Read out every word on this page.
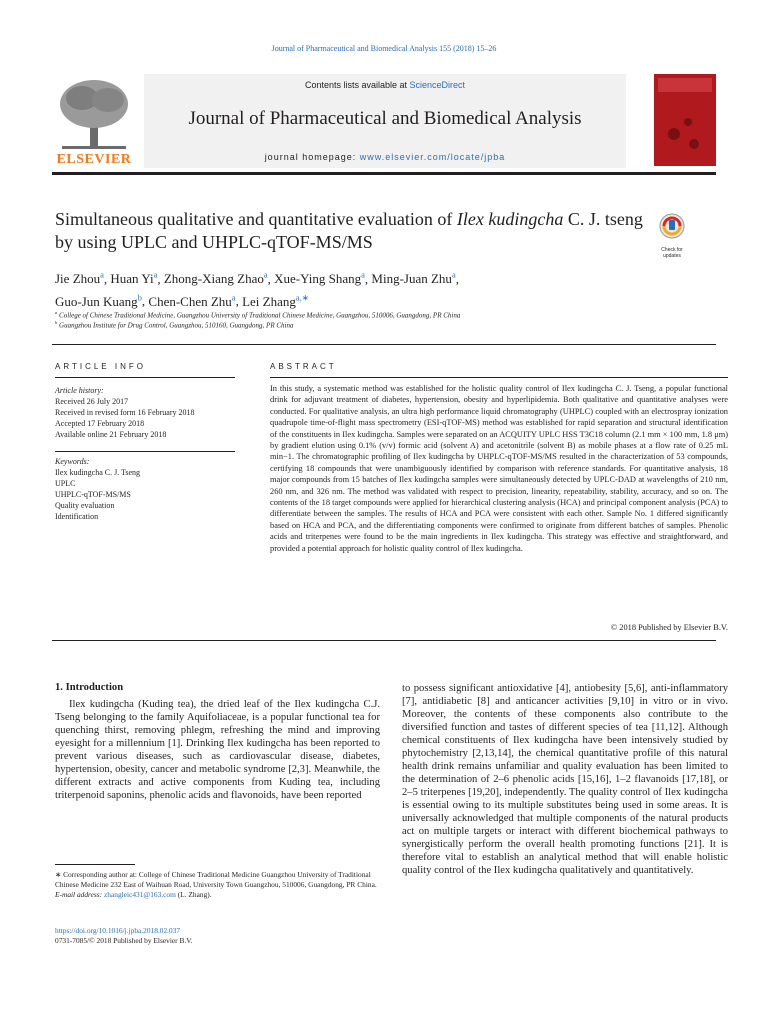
Journal of Pharmaceutical and Biomedical Analysis 155 (2018) 15–26
ELSEVIER
Contents lists available at ScienceDirect
Journal of Pharmaceutical and Biomedical Analysis
journal homepage: www.elsevier.com/locate/jpba
Simultaneous qualitative and quantitative evaluation of Ilex kudingcha C. J. tseng by using UPLC and UHPLC-qTOF-MS/MS	Check for updates
Jie Zhou$^a$, Huan Yi$^a$, Zhong-Xiang Zhao$^a$, Xue-Ying Shang$^a$, Ming-Juan Zhu$^a$,
Guo-Jun Kuang$^b$, Chen-Chen Zhu$^a$, Lei Zhang$^{a,∗}$
$^a$ College of Chinese Traditional Medicine, Guangzhou University of Traditional Chinese Medicine, Guangzhou, 510006, Guangdong, PR China
$^b$ Guangzhou Institute for Drug Control, Guangzhou, 510160, Guangdong, PR China
ARTICLE INFO	ABSTRACT
Article history:
Received 26 July 2017
Received in revised form 16 February 2018
Accepted 17 February 2018
Available online 21 February 2018
Keywords:
Ilex kudingcha C. J. Tseng
UPLC
UHPLC-qTOF-MS/MS
Quality evaluation
Identification
In this study, a systematic method was established for the holistic quality control of Ilex kudingcha C. J. Tseng, a popular functional drink for adjuvant treatment of diabetes, hypertension, obesity and hyperlipidemia. Both qualitative and quantitative analyses were conducted. For qualitative analysis, an ultra high performance liquid chromatography (UHPLC) coupled with an electrospray ionization quadrupole time-of-flight mass spectrometry (ESI-qTOF-MS) method was established for rapid separation and structural identification of the constituents in Ilex kudingcha. Samples were separated on an ACQUITY UPLC HSS T3C18 column (2.1 mm × 100 mm, 1.8 μm) by gradient elution using 0.1% (v/v) formic acid (solvent A) and acetonitrile (solvent B) as mobile phases at a flow rate of 0.25 mL min−1. The chromatographic profiling of Ilex kudingcha by UHPLC-qTOF-MS/MS resulted in the characterization of 53 compounds, certifying 18 compounds that were unambiguously identified by comparison with reference standards. For quantitative analysis, 18 major compounds from 15 batches of Ilex kudingcha samples were simultaneously detected by UPLC-DAD at wavelengths of 210 nm, 260 nm, and 326 nm. The method was validated with respect to precision, linearity, repeatability, stability, accuracy, and so on. The contents of the 18 target compounds were applied for hierarchical clustering analysis (HCA) and principal component analysis (PCA) to differentiate between the samples. The results of HCA and PCA were consistent with each other. Sample No. 1 differed significantly based on HCA and PCA, and the differentiating components were confirmed to originate from different batches of samples. Phenolic acids and triterpenes were found to be the main ingredients in Ilex kudingcha. This strategy was effective and straightforward, and provided a potential approach for holistic quality control of Ilex kudingcha.
© 2018 Published by Elsevier B.V.
1. Introduction

Ilex kudingcha (Kuding tea), the dried leaf of the Ilex kudingcha C.J. Tseng belonging to the family Aquifoliaceae, is a popular functional tea for quenching thirst, removing phlegm, refreshing the mind and improving eyesight for a millennium [1]. Drinking Ilex kudingcha has been reported to prevent various diseases, such as cardiovascular disease, diabetes, hypertension, obesity, cancer and metabolic syndrome [2,3]. Meanwhile, the different extracts and active components from Kuding tea, including triterpenoid saponins, phenolic acids and flavonoids, have been reported

to possess significant antioxidative [4], antiobesity [5,6], anti-inflammatory [7], antidiabetic [8] and anticancer activities [9,10] in vitro or in vivo. Moreover, the contents of these components also contribute to the diversified function and tastes of different species of tea [11,12]. Although chemical constituents of Ilex kudingcha have been intensively studied by phytochemistry [2,13,14], the chemical quantitative profile of this natural health drink remains unfamiliar and quality evaluation has been limited to the determination of 2–6 phenolic acids [15,16], 1–2 flavanoids [17,18], or 2–5 triterpenes [19,20], independently. The quality control of Ilex kudingcha is essential owing to its multiple substitutes being used in some areas. It is universally acknowledged that multiple components of the natural products act on multiple targets or interact with different biochemical pathways to synergistically perform the overall health promoting functions [21]. It is therefore vital to establish an analytical method that will enable holistic quality control of the Ilex kudingcha qualitatively and quantitatively.

∗ Corresponding author at: College of Chinese Traditional Medicine Guangzhou University of Traditional Chinese Medicine 232 East of Waihuan Road, University Town Guangzhou, 510006, Guangdong, PR China.
E-mail address: zhangleic431@163.com (L. Zhang).
https://doi.org/10.1016/j.jpba.2018.02.037
0731-7085/© 2018 Published by Elsevier B.V.
